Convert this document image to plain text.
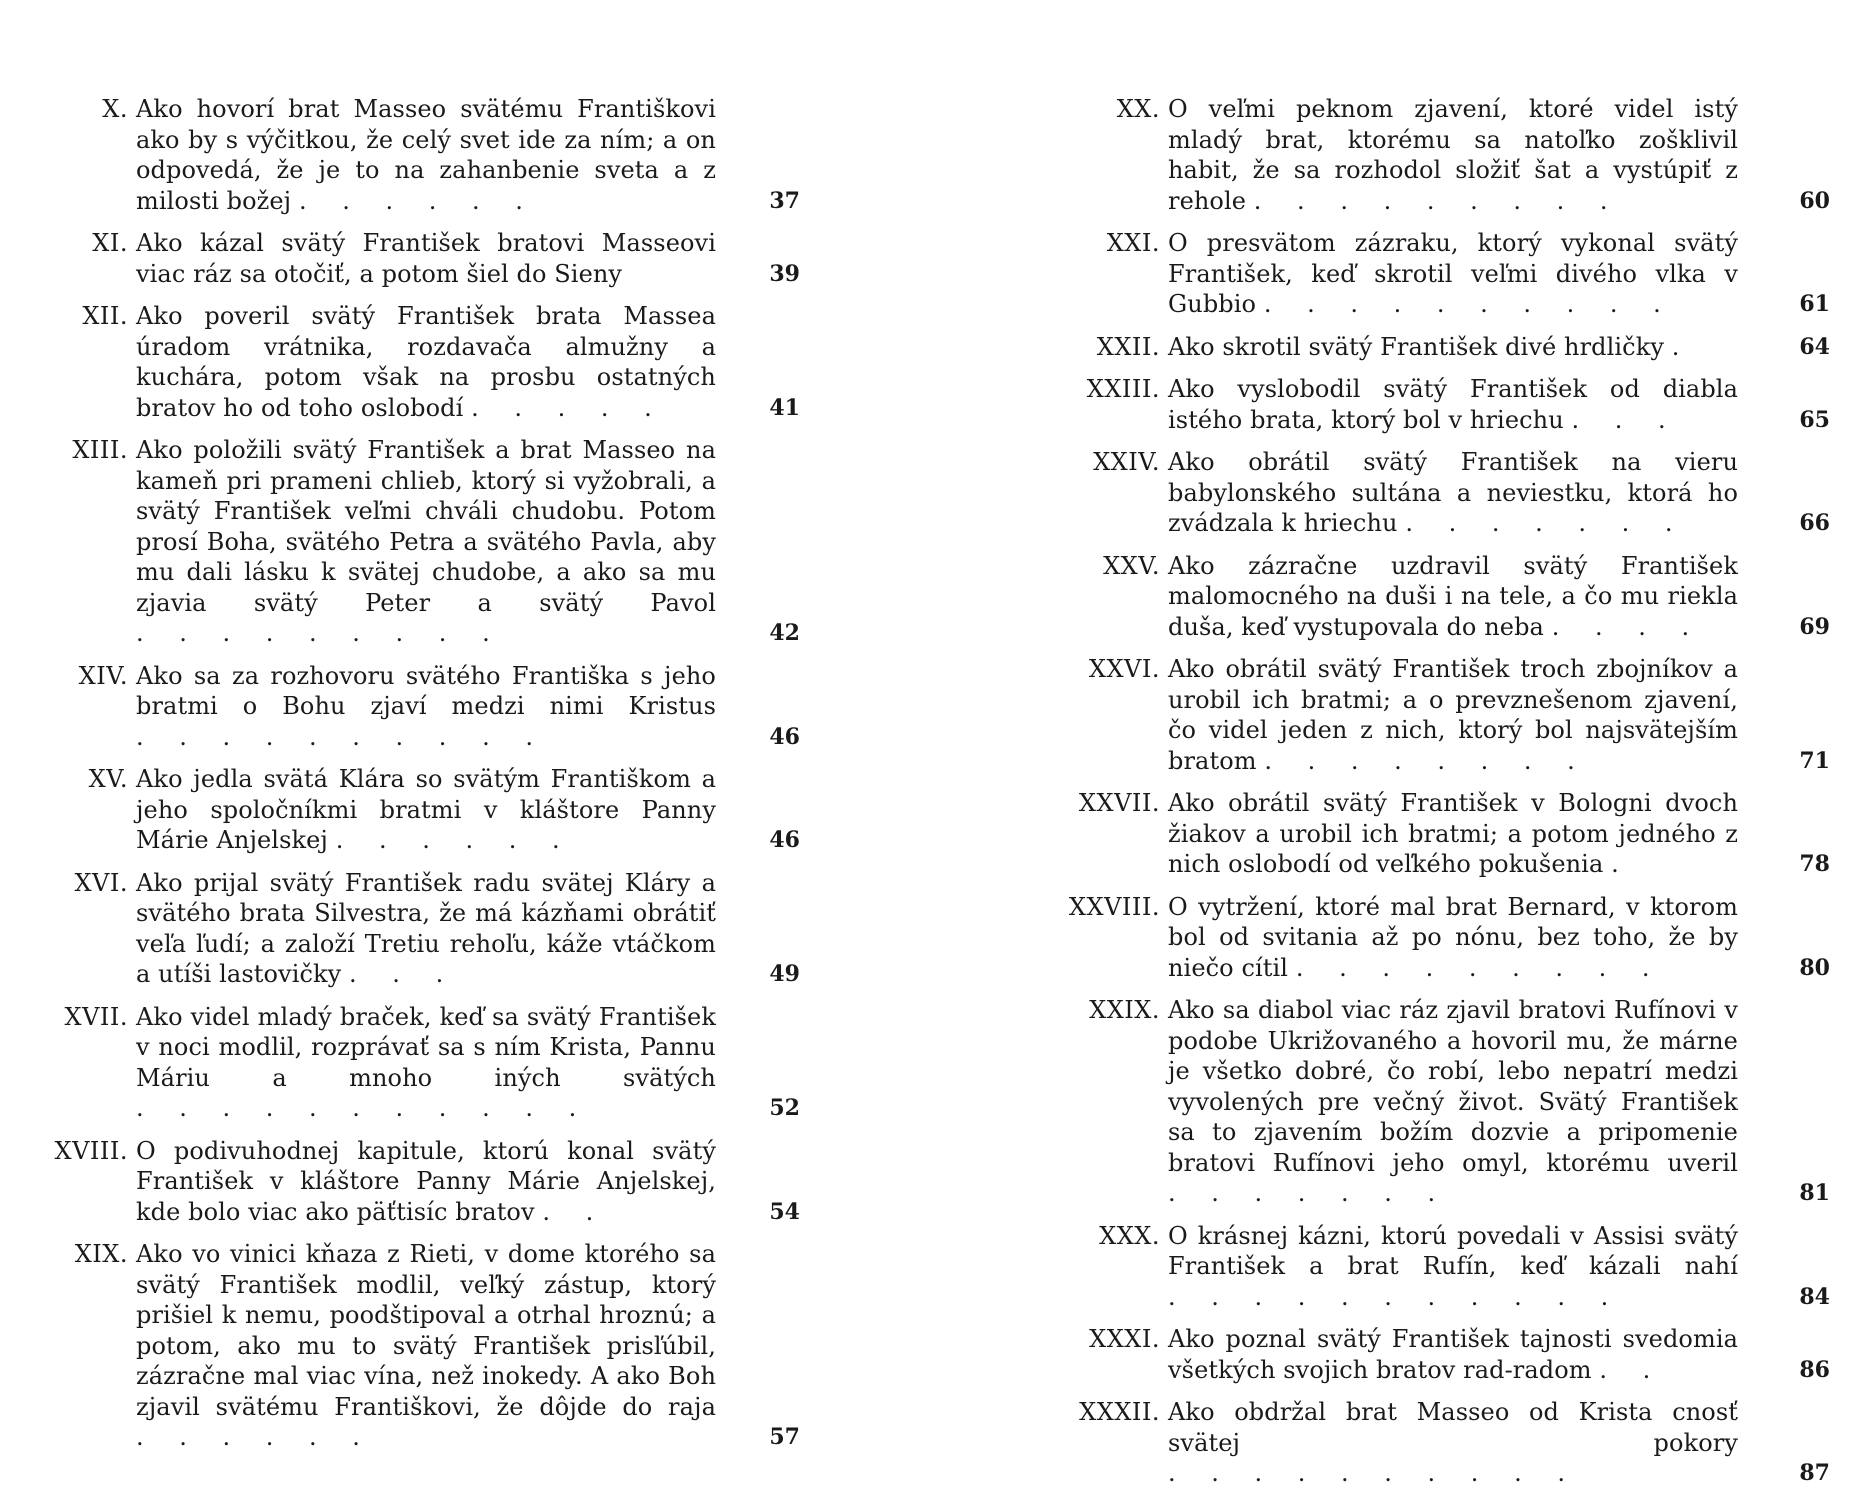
X. Ako hovorí brat Masseo svätému Františkovi ako by s výčitkou, že celý svet ide za ním; a on odpovedá, že je to na zahanbenie sveta a z milosti božej . . . . . .	37
XI. Ako kázal svätý František bratovi Masseovi viac ráz sa otočiť, a potom šiel do Sieny	39
XII. Ako poveril svätý František brata Massea úradom vrátnika, rozdavača almužny a kuchára, potom však na prosbu ostatných bratov ho od toho oslobodí . . . . .	41
XIII. Ako položili svätý František a brat Masseo na kameň pri prameni chlieb, ktorý si vyžobrali, a svätý František veľmi chváli chudobu. Potom prosí Boha, svätého Petra a svätého Pavla, aby mu dali lásku k svätej chudobe, a ako sa mu zjavia svätý Peter a svätý Pavol . . . . . . . . .	42
XIV. Ako sa za rozhovoru svätého Františka s jeho bratmi o Bohu zjaví medzi nimi Kristus . . . . . . . . . .	46
XV. Ako jedla svätá Klára so svätým Františkom a jeho spoločníkmi bratmi v kláštore Panny Márie Anjelskej . . . . . .	46
XVI. Ako prijal svätý František radu svätej Kláry a svätého brata Silvestra, že má kázňami obrátiť veľa ľudí; a založí Tretiu rehoľu, káže vtáčkom a utíši lastovičky . . .	49
XVII. Ako videl mladý braček, keď sa svätý František v noci modlil, rozprávať sa s ním Krista, Pannu Máriu a mnoho iných svätých . . . . . . . . . . .	52
XVIII. O podivuhodnej kapitule, ktorú konal svätý František v kláštore Panny Márie Anjelskej, kde bolo viac ako päťtisíc bratov . .	54
XIX. Ako vo vinici kňaza z Rieti, v dome ktorého sa svätý František modlil, veľký zástup, ktorý prišiel k nemu, poodštipoval a otrhal hroznú; a potom, ako mu to svätý František prisľúbil, zázračne mal viac vína, než inokedy. A ako Boh zjavil svätému Františkovi, že dôjde do raja . . . . . .	57
XX. O veľmi peknom zjavení, ktoré videl istý mladý brat, ktorému sa natoľko zošklivil habit, že sa rozhodol složiť šat a vystúpiť z rehole . . . . . . . . .	60
XXI. O presvätom zázraku, ktorý vykonal svätý František, keď skrotil veľmi divého vlka v Gubbio . . . . . . . . . .	61
XXII. Ako skrotil svätý František divé hrdličky .	64
XXIII. Ako vyslobodil svätý František od diabla istého brata, ktorý bol v hriechu . . .	65
XXIV. Ako obrátil svätý František na vieru babylonského sultána a neviestku, ktorá ho zvádzala k hriechu . . . . . . .	66
XXV. Ako zázračne uzdravil svätý František malomocného na duši i na tele, a čo mu riekla duša, keď vystupovala do neba . . . .	69
XXVI. Ako obrátil svätý František troch zbojníkov a urobil ich bratmi; a o prevznešenom zjavení, čo videl jeden z nich, ktorý bol najsvätejším bratom . . . . . . . .	71
XXVII. Ako obrátil svätý František v Bologni dvoch žiakov a urobil ich bratmi; a potom jedného z nich oslobodí od veľkého pokušenia .	78
XXVIII. O vytržení, ktoré mal brat Bernard, v ktorom bol od svitania až po nónu, bez toho, že by niečo cítil . . . . . . . . .	80
XXIX. Ako sa diabol viac ráz zjavil bratovi Rufínovi v podobe Ukrižovaného a hovoril mu, že márne je všetko dobré, čo robí, lebo nepatrí medzi vyvolených pre večný život. Svätý František sa to zjavením božím dozvie a pripomenie bratovi Rufínovi jeho omyl, ktorému uveril . . . . . . .	81
XXX. O krásnej kázni, ktorú povedali v Assisi svätý František a brat Rufín, keď kázali nahí . . . . . . . . . . .	84
XXXI. Ako poznal svätý František tajnosti svedomia všetkých svojich bratov rad-radom . .	86
XXXII. Ako obdržal brat Masseo od Krista cnosť svätej pokory . . . . . . . . . .	87
